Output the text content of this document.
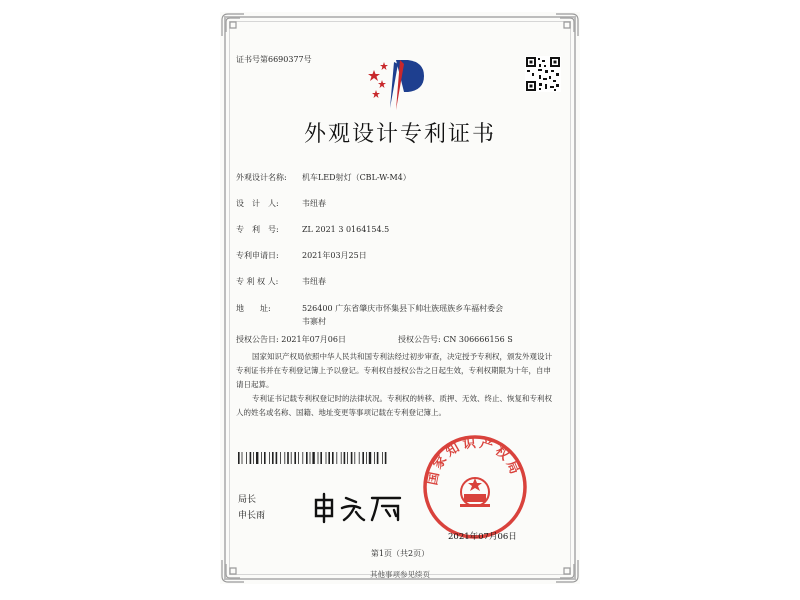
证书号第6690377号
外观设计专利证书
外观设计名称: 机车LED射灯（CBL-W-M4）
设　计　人:	韦纽春
专　利　号:	ZL 2021 3 0164154.5
专利申请日:	2021年03月25日
专 利 权 人:	韦纽春
地　　址:	526400 广东省肇庆市怀集县下帅壮族瑶族乡车福村委会
韦寨村
授权公告日: 2021年07月06日	授权公告号: CN 306666156 S
国家知识产权局依照中华人民共和国专利法经过初步审查，决定授予专利权，颁发外观设计专利证书并在专利登记簿上予以登记。专利权自授权公告之日起生效，专利权期限为十年，自申请日起算。
专利证书记载专利权登记时的法律状况。专利权的转移、质押、无效、终止、恢复和专利权人的姓名或名称、国籍、地址变更等事项记载在专利登记簿上。
局长
申长雨
国家知识产权局
2021年07月06日
第1页（共2页）
其他事项参见续页
